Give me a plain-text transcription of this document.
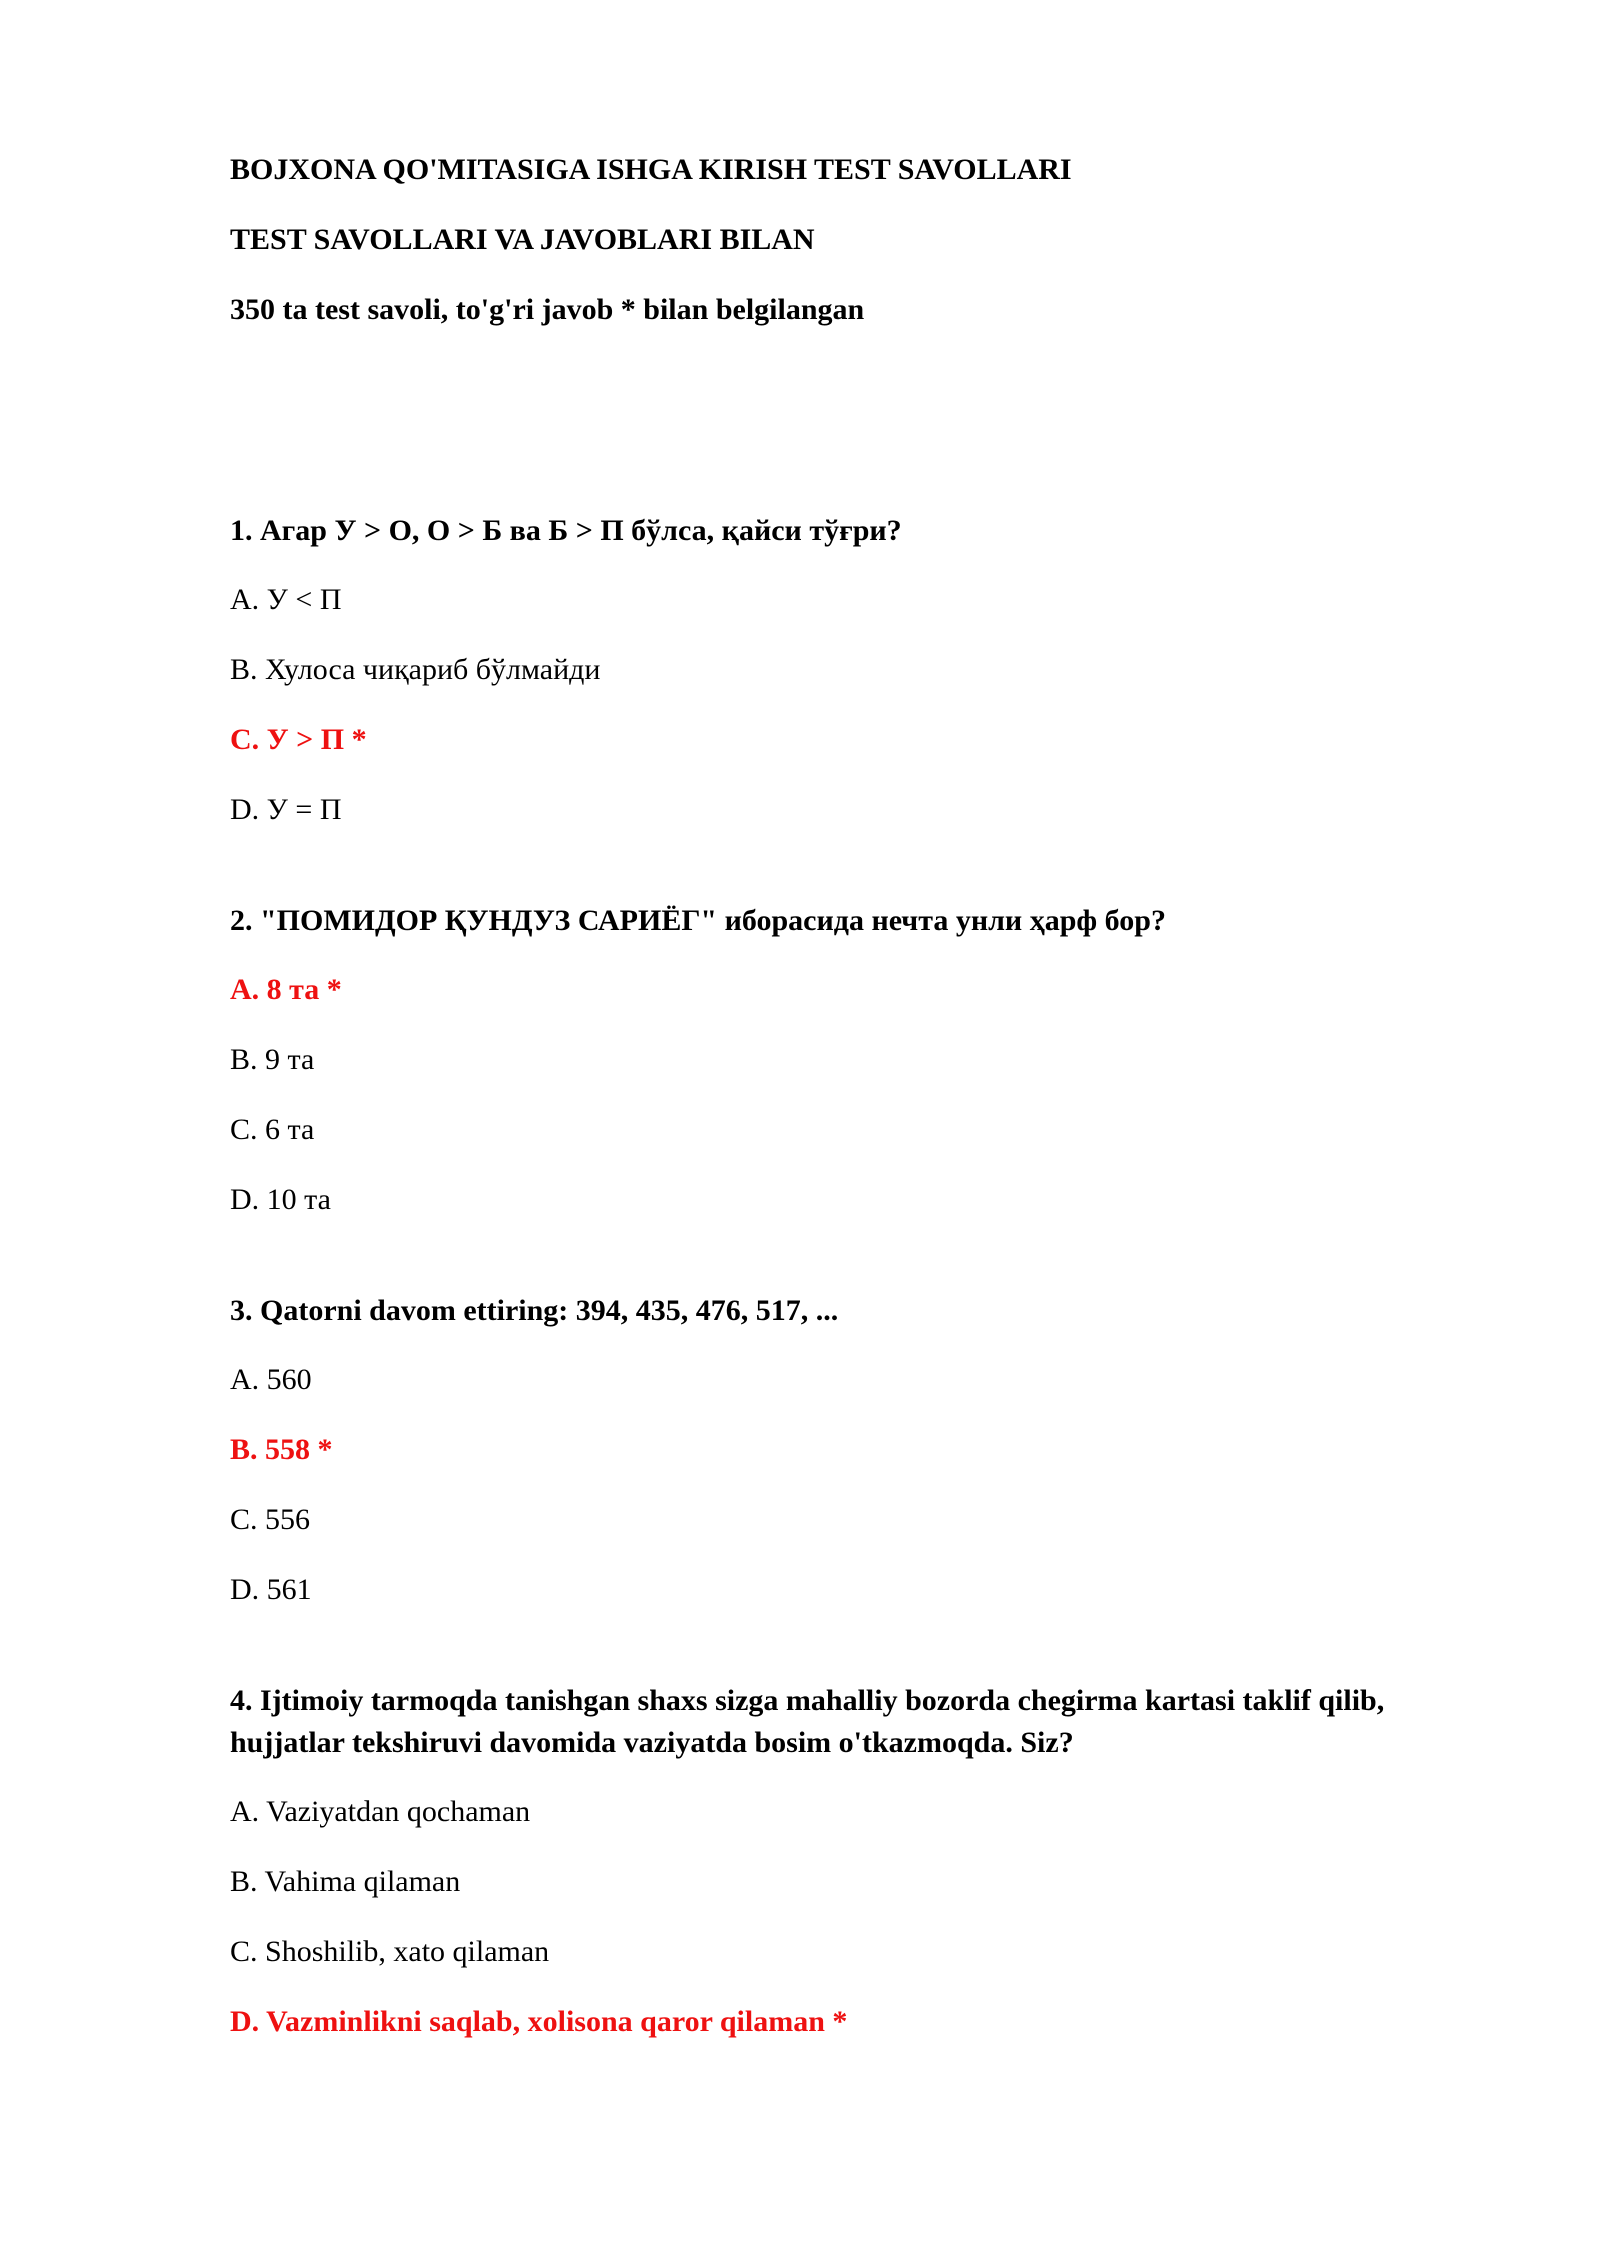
BOJXONA QO'MITASIGA ISHGA KIRISH TEST SAVOLLARI
TEST SAVOLLARI VA JAVOBLARI BILAN
350 ta test savoli, to'g'ri javob * bilan belgilangan
1. Агар У > О, О > Б ва Б > П бўлса, қайси тўғри?
A. У < П
B. Хулоса чиқариб бўлмайди
C. У > П *
D. У = П
2. "ПОМИДОР ҚУНДУЗ САРИЁГ" иборасида нечта унли ҳарф бор?
A. 8 та *
B. 9 та
C. 6 та
D. 10 та
3. Qatorni davom ettiring: 394, 435, 476, 517, ...
A. 560
B. 558 *
C. 556
D. 561
4. Ijtimoiy tarmoqda tanishgan shaxs sizga mahalliy bozorda chegirma kartasi taklif qilib, hujjatlar tekshiruvi davomida vaziyatda bosim o'tkazmoqda. Siz?
A. Vaziyatdan qochaman
B. Vahima qilaman
C. Shoshilib, xato qilaman
D. Vazminlikni saqlab, xolisona qaror qilaman *
